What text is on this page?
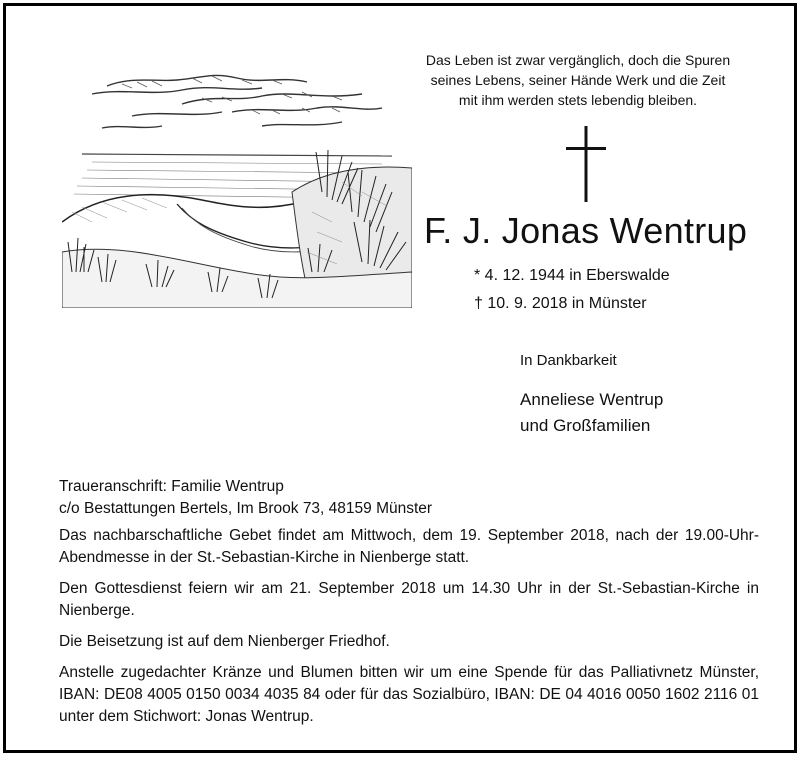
Das Leben ist zwar vergänglich, doch die Spuren
seines Lebens, seiner Hände Werk und die Zeit
mit ihm werden stets lebendig bleiben.
F. J. Jonas Wentrup
* 4. 12. 1944 in Eberswalde
† 10. 9. 2018 in Münster
In Dankbarkeit
Anneliese Wentrup
und Großfamilien

Traueranschrift: Familie Wentrup
c/o Bestattungen Bertels, Im Brook 73, 48159 Münster

Das nachbarschaftliche Gebet findet am Mittwoch, dem 19. September 2018, nach der 19.00-Uhr-Abendmesse in der St.-Sebastian-Kirche in Nienberge statt.

Den Gottesdienst feiern wir am 21. September 2018 um 14.30 Uhr in der St.-Sebastian-Kirche in Nienberge.

Die Beisetzung ist auf dem Nienberger Friedhof.

Anstelle zugedachter Kränze und Blumen bitten wir um eine Spende für das Palliativnetz Münster, IBAN: DE08 4005 0150 0034 4035 84 oder für das Sozialbüro, IBAN: DE 04 4016 0050 1602 2116 01 unter dem Stichwort: Jonas Wentrup.
